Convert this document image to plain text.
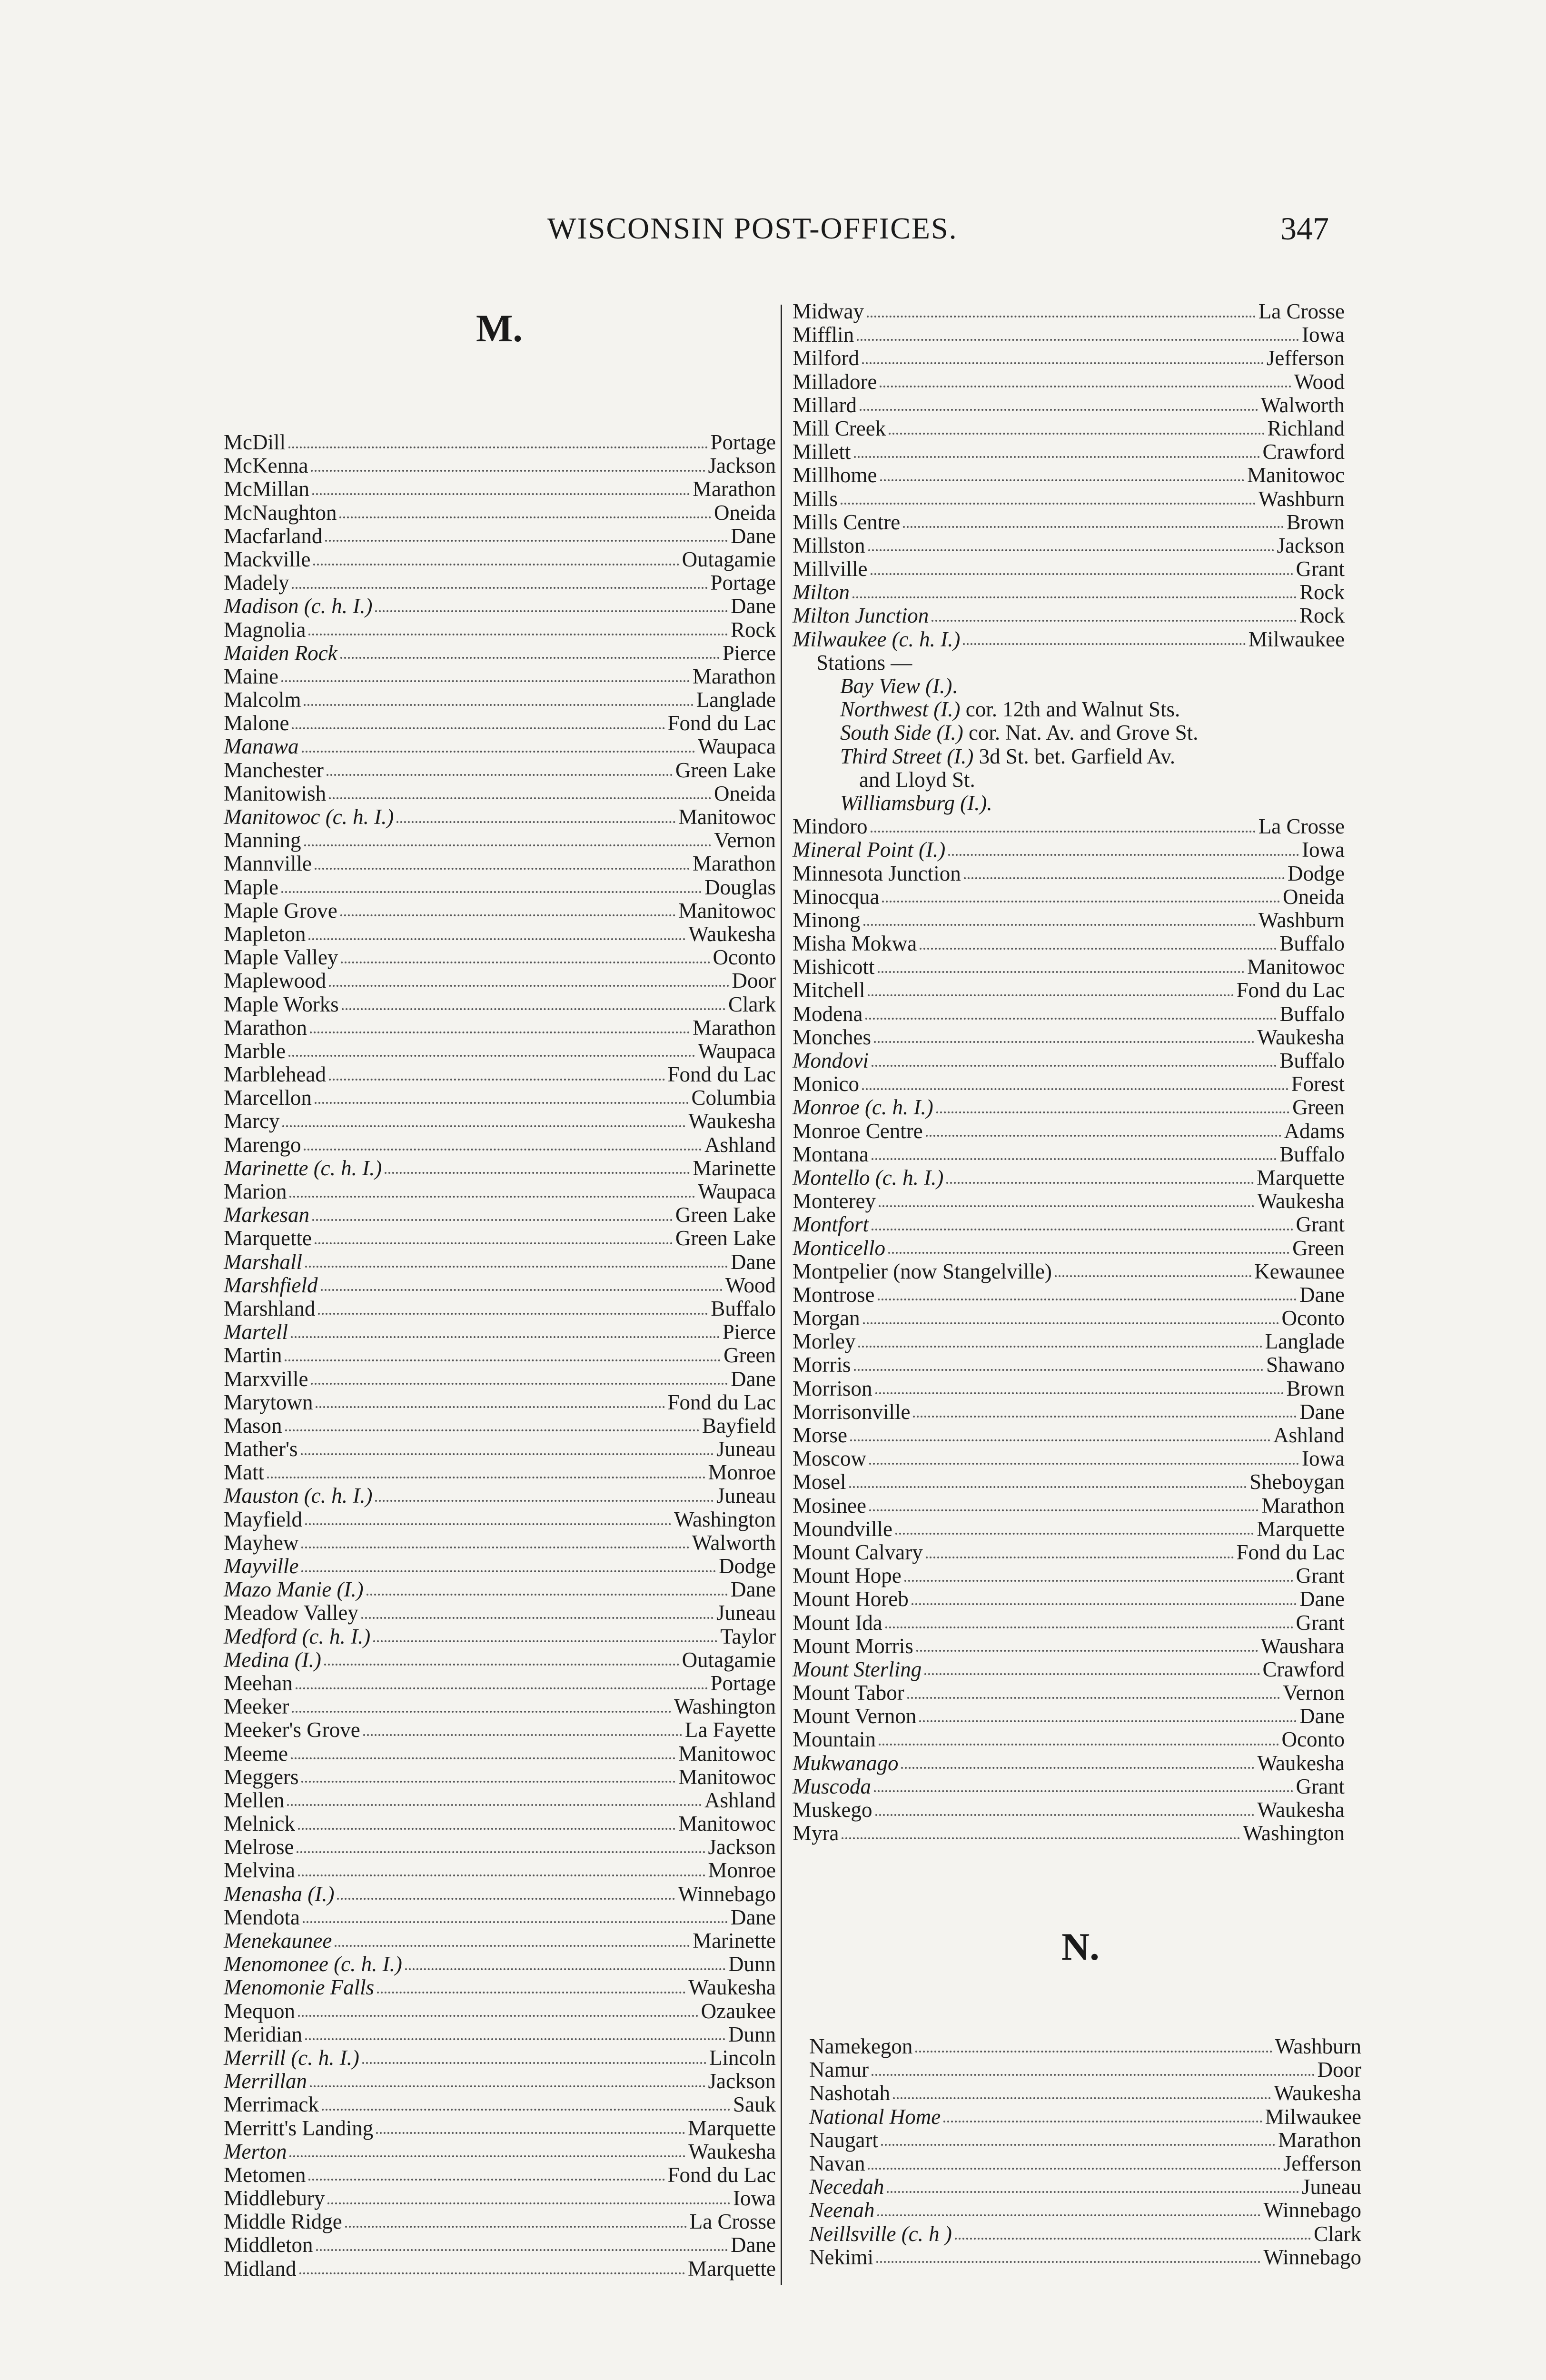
WISCONSIN POST-OFFICES.	347
M.
McDill	Portage
McKenna	Jackson
McMillan	Marathon
McNaughton	Oneida
Macfarland	Dane
Mackville	Outagamie
Madely	Portage
Madison (c. h. I.)	Dane
Magnolia	Rock
Maiden Rock	Pierce
Maine	Marathon
Malcolm	Langlade
Malone	Fond du Lac
Manawa	Waupaca
Manchester	Green Lake
Manitowish	Oneida
Manitowoc (c. h. I.)	Manitowoc
Manning	Vernon
Mannville	Marathon
Maple	Douglas
Maple Grove	Manitowoc
Mapleton	Waukesha
Maple Valley	Oconto
Maplewood	Door
Maple Works	Clark
Marathon	Marathon
Marble	Waupaca
Marblehead	Fond du Lac
Marcellon	Columbia
Marcy	Waukesha
Marengo	Ashland
Marinette (c. h. I.)	Marinette
Marion	Waupaca
Markesan	Green Lake
Marquette	Green Lake
Marshall	Dane
Marshfield	Wood
Marshland	Buffalo
Martell	Pierce
Martin	Green
Marxville	Dane
Marytown	Fond du Lac
Mason	Bayfield
Mather's	Juneau
Matt	Monroe
Mauston (c. h. I.)	Juneau
Mayfield	Washington
Mayhew	Walworth
Mayville	Dodge
Mazo Manie (I.)	Dane
Meadow Valley	Juneau
Medford (c. h. I.)	Taylor
Medina (I.)	Outagamie
Meehan	Portage
Meeker	Washington
Meeker's Grove	La Fayette
Meeme	Manitowoc
Meggers	Manitowoc
Mellen	Ashland
Melnick	Manitowoc
Melrose	Jackson
Melvina	Monroe
Menasha (I.)	Winnebago
Mendota	Dane
Menekaunee	Marinette
Menomonee (c. h. I.)	Dunn
Menomonie Falls	Waukesha
Mequon	Ozaukee
Meridian	Dunn
Merrill (c. h. I.)	Lincoln
Merrillan	Jackson
Merrimack	Sauk
Merritt's Landing	Marquette
Merton	Waukesha
Metomen	Fond du Lac
Middlebury	Iowa
Middle Ridge	La Crosse
Middleton	Dane
Midland	Marquette
Midway	La Crosse
Mifflin	Iowa
Milford	Jefferson
Milladore	Wood
Millard	Walworth
Mill Creek	Richland
Millett	Crawford
Millhome	Manitowoc
Mills	Washburn
Mills Centre	Brown
Millston	Jackson
Millville	Grant
Milton	Rock
Milton Junction	Rock
Milwaukee (c. h. I.)	Milwaukee
Stations —
Bay View (I.).
Northwest (I.) cor. 12th and Walnut Sts.
South Side (I.) cor. Nat. Av. and Grove St.
Third Street (I.) 3d St. bet. Garfield Av.
and Lloyd St.
Williamsburg (I.).
Mindoro	La Crosse
Mineral Point (I.)	Iowa
Minnesota Junction	Dodge
Minocqua	Oneida
Minong	Washburn
Misha Mokwa	Buffalo
Mishicott	Manitowoc
Mitchell	Fond du Lac
Modena	Buffalo
Monches	Waukesha
Mondovi	Buffalo
Monico	Forest
Monroe (c. h. I.)	Green
Monroe Centre	Adams
Montana	Buffalo
Montello (c. h. I.)	Marquette
Monterey	Waukesha
Montfort	Grant
Monticello	Green
Montpelier (now Stangelville)	Kewaunee
Montrose	Dane
Morgan	Oconto
Morley	Langlade
Morris	Shawano
Morrison	Brown
Morrisonville	Dane
Morse	Ashland
Moscow	Iowa
Mosel	Sheboygan
Mosinee	Marathon
Moundville	Marquette
Mount Calvary	Fond du Lac
Mount Hope	Grant
Mount Horeb	Dane
Mount Ida	Grant
Mount Morris	Waushara
Mount Sterling	Crawford
Mount Tabor	Vernon
Mount Vernon	Dane
Mountain	Oconto
Mukwanago	Waukesha
Muscoda	Grant
Muskego	Waukesha
Myra	Washington
N.
Namekegon	Washburn
Namur	Door
Nashotah	Waukesha
National Home	Milwaukee
Naugart	Marathon
Navan	Jefferson
Necedah	Juneau
Neenah	Winnebago
Neillsville (c. h )	Clark
Nekimi	Winnebago
